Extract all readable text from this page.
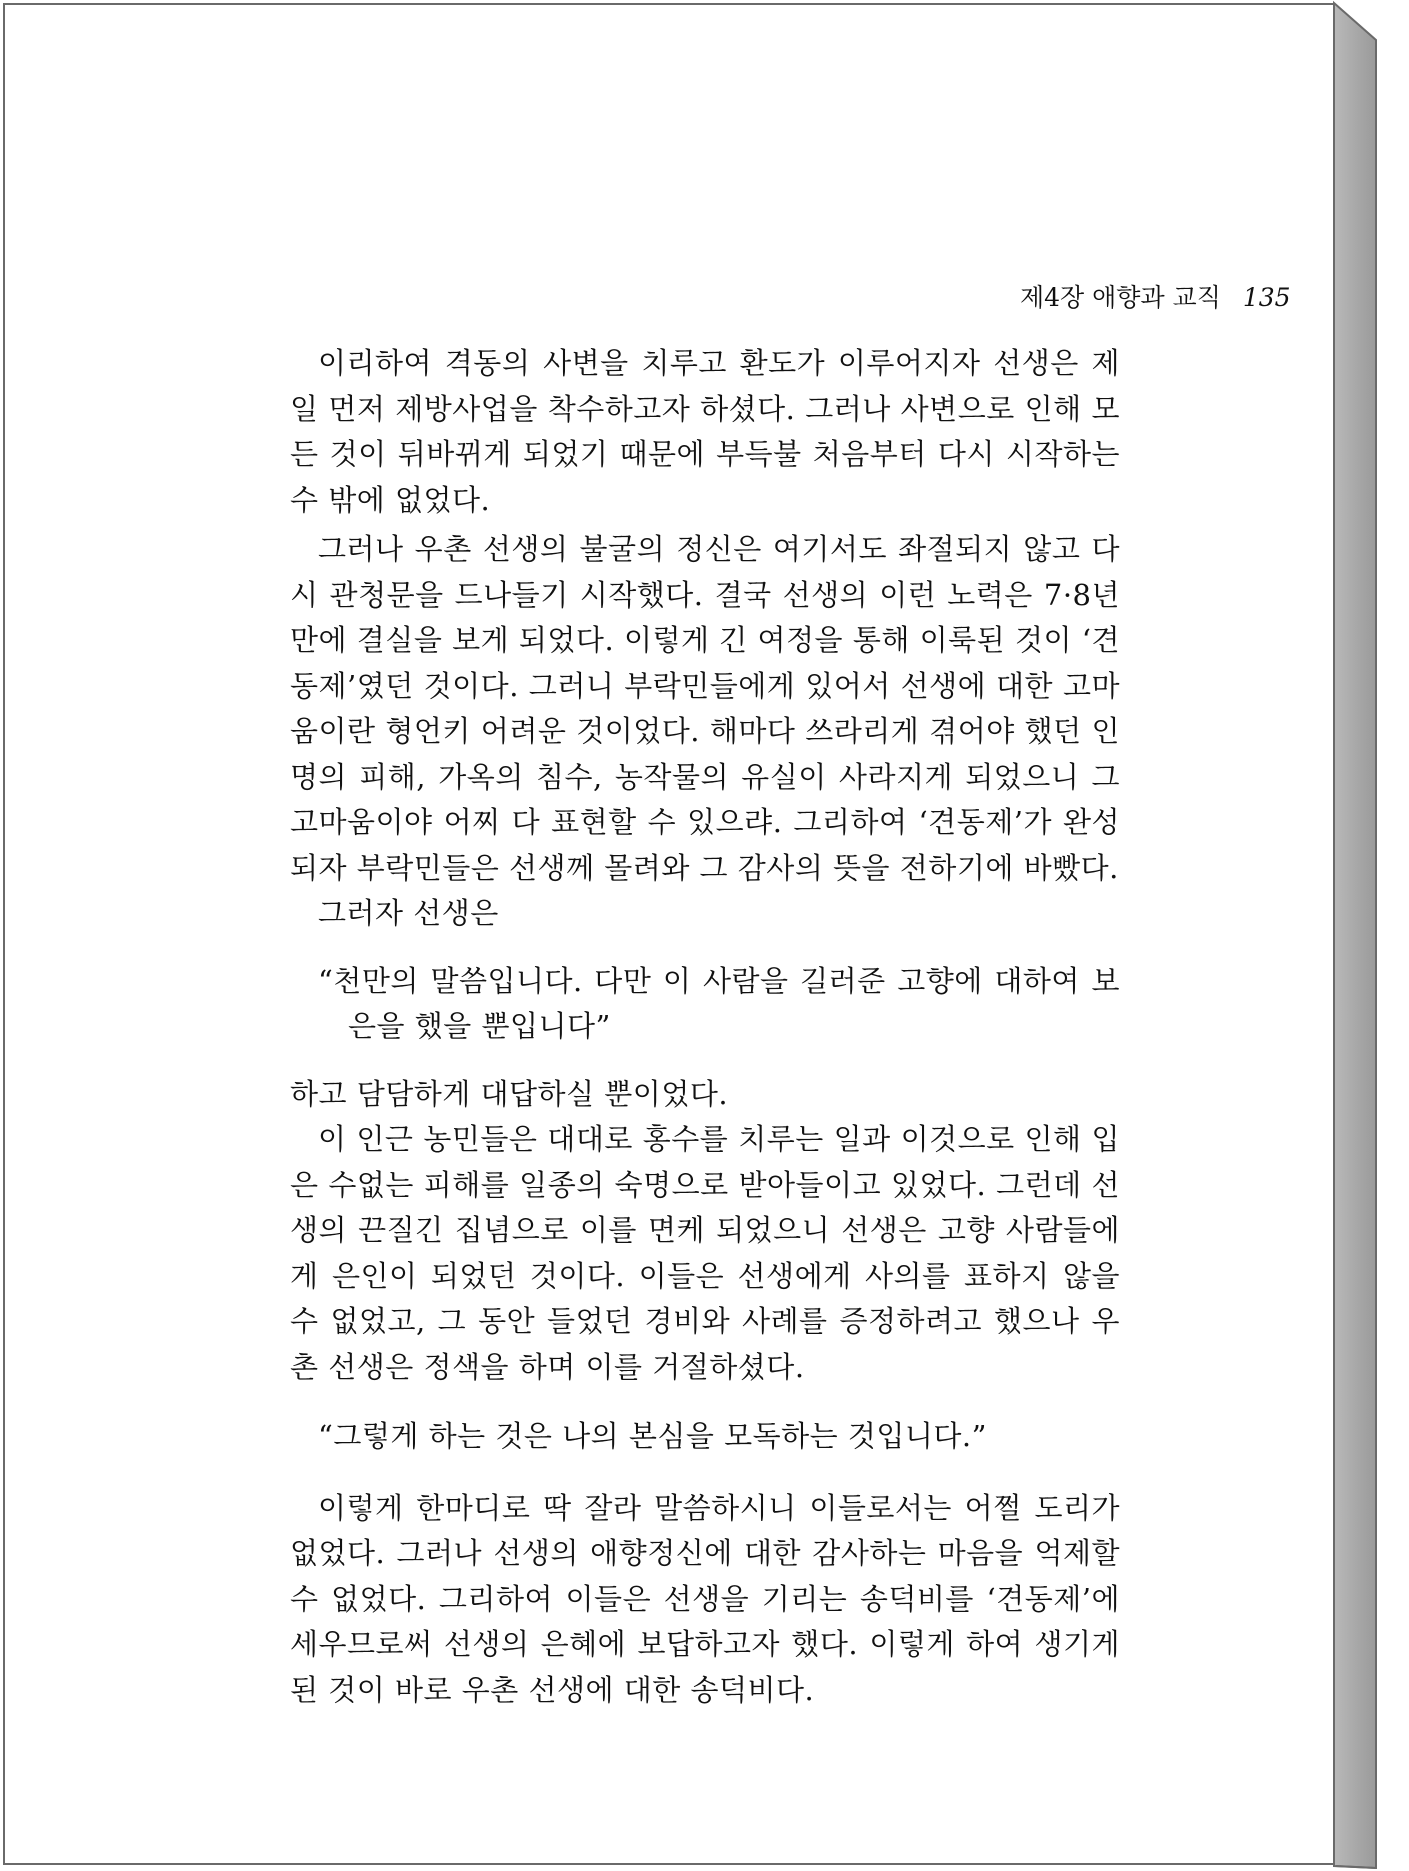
제4장 애향과 교직 135

이리하여 격동의 사변을 치루고 환도가 이루어지자 선생은 제일 먼저 제방사업을 착수하고자 하셨다. 그러나 사변으로 인해 모든 것이 뒤바뀌게 되었기 때문에 부득불 처음부터 다시 시작하는 수 밖에 없었다.

그러나 우촌 선생의 불굴의 정신은 여기서도 좌절되지 않고 다시 관청문을 드나들기 시작했다. 결국 선생의 이런 노력은 7·8년만에 결실을 보게 되었다. 이렇게 긴 여정을 통해 이룩된 것이 ‘견동제’였던 것이다. 그러니 부락민들에게 있어서 선생에 대한 고마움이란 형언키 어려운 것이었다. 해마다 쓰라리게 겪어야 했던 인명의 피해, 가옥의 침수, 농작물의 유실이 사라지게 되었으니 그 고마움이야 어찌 다 표현할 수 있으랴. 그리하여 ‘견동제’가 완성되자 부락민들은 선생께 몰려와 그 감사의 뜻을 전하기에 바빴다.

그러자 선생은

“천만의 말씀입니다. 다만 이 사람을 길러준 고향에 대하여 보은을 했을 뿐입니다”

하고 담담하게 대답하실 뿐이었다.

이 인근 농민들은 대대로 홍수를 치루는 일과 이것으로 인해 입은 수없는 피해를 일종의 숙명으로 받아들이고 있었다. 그런데 선생의 끈질긴 집념으로 이를 면케 되었으니 선생은 고향 사람들에게 은인이 되었던 것이다. 이들은 선생에게 사의를 표하지 않을 수 없었고, 그 동안 들었던 경비와 사례를 증정하려고 했으나 우촌 선생은 정색을 하며 이를 거절하셨다.

“그렇게 하는 것은 나의 본심을 모독하는 것입니다.”

이렇게 한마디로 딱 잘라 말씀하시니 이들로서는 어쩔 도리가 없었다. 그러나 선생의 애향정신에 대한 감사하는 마음을 억제할 수 없었다. 그리하여 이들은 선생을 기리는 송덕비를 ‘견동제’에 세우므로써 선생의 은혜에 보답하고자 했다. 이렇게 하여 생기게 된 것이 바로 우촌 선생에 대한 송덕비다.
